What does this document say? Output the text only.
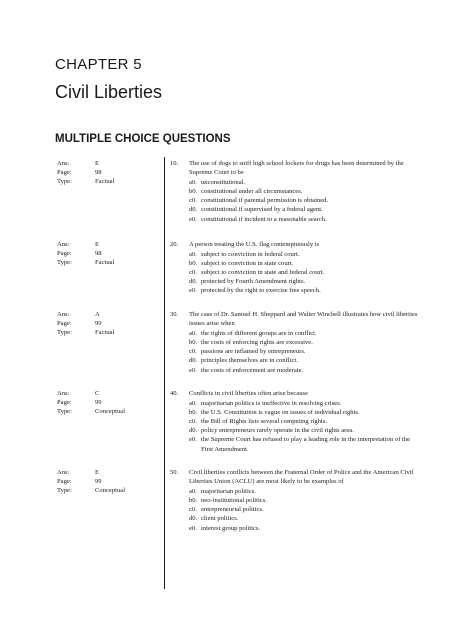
CHAPTER 5
Civil Liberties
MULTIPLE CHOICE QUESTIONS
Ans:	E
Page:	98
Type:	Factual
10.	The use of dogs to sniff high school lockers for drugs has been determined by the Supreme Court to be
a0. unconstitutional.
b0. constitutional under all circumstances.
c0. constitutional if parental permission is obtained.
d0. constitutional if supervised by a federal agent.
e0. constitutional if incident to a reasonable search.
Ans:	E
Page:	98
Type:	Factual
20.	A person treating the U.S. flag contemptuously is
a0. subject to conviction in federal court.
b0. subject to conviction in state court.
c0. subject to conviction in state and federal court.
d0. protected by Fourth Amendment rights.
e0. protected by the right to exercise free speech.
Ans:	A
Page:	99
Type:	Factual
30.	The case of Dr. Samuel H. Sheppard and Walter Winchell illustrates how civil liberties issues arise when
a0. the rights of different groups are in conflict.
b0. the costs of enforcing rights are excessive.
c0. passions are inflamed by entrepreneurs.
d0. principles themselves are in conflict.
e0. the costs of enforcement are moderate.
Ans:	C
Page:	99
Type:	Conceptual
40.	Conflicts in civil liberties often arise because
a0. majoritarian politics is ineffective in resolving crises.
b0. the U.S. Constitution is vague on issues of individual rights.
c0. the Bill of Rights lists several competing rights.
d0. policy entrepreneurs rarely operate in the civil rights area.
e0. the Supreme Court has refused to play a leading role in the interpretation of the First Amendment.
Ans:	E
Page:	99
Type:	Conceptual
50.	Civil liberties conflicts between the Fraternal Order of Police and the American Civil Liberties Union (ACLU) are most likely to be examples of
a0. majoritarian politics.
b0. neo-institutional politics.
c0. entrepreneurial politics.
d0. client politics.
e0. interest group politics.
